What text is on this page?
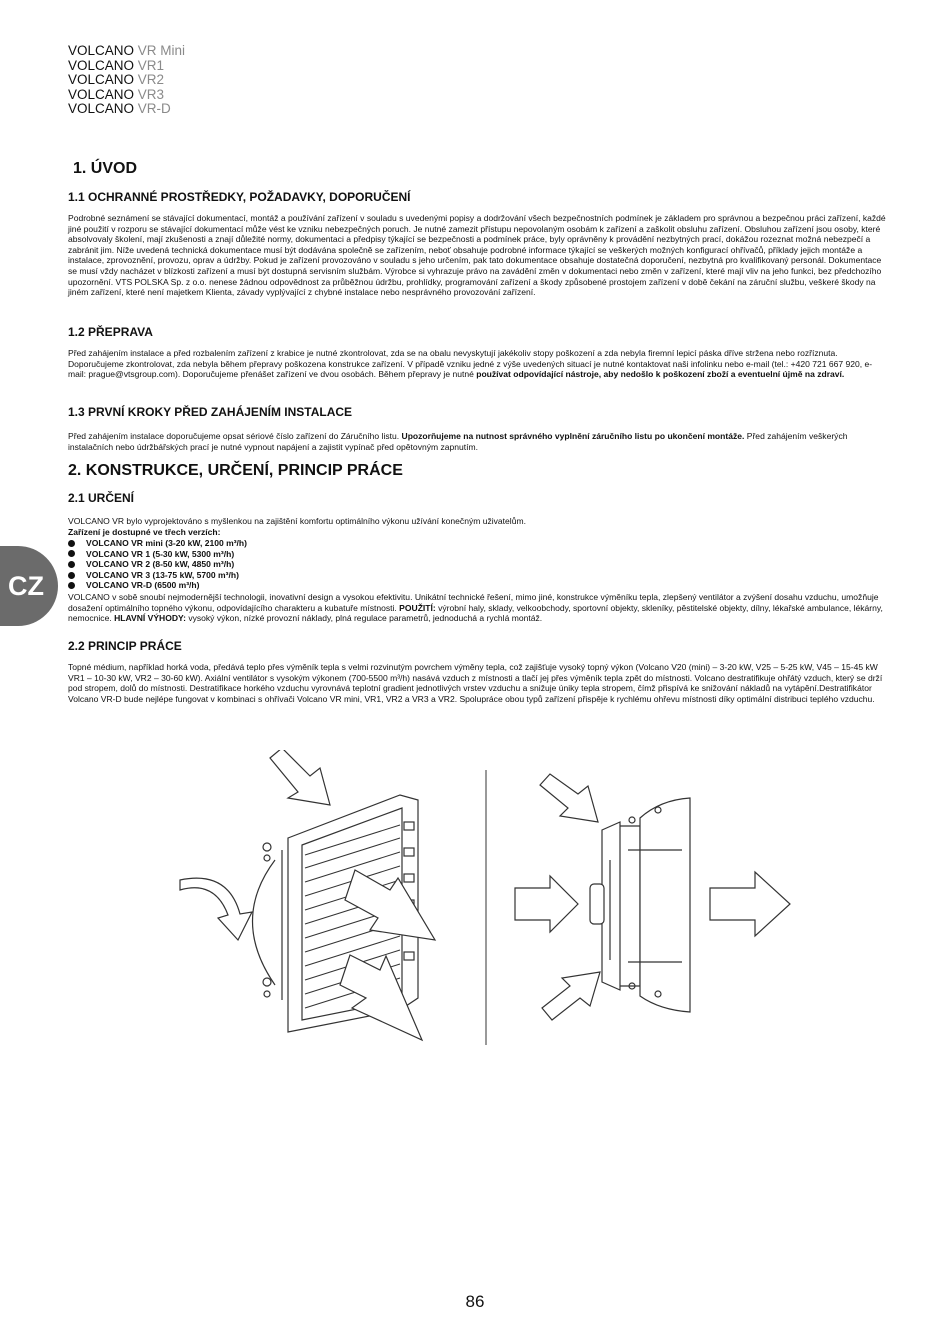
VOLCANO VR Mini
VOLCANO VR1
VOLCANO VR2
VOLCANO VR3
VOLCANO VR-D
1. ÚVOD
1.1 OCHRANNÉ PROSTŘEDKY, POŽADAVKY, DOPORUČENÍ
Podrobné seznámení se stávající dokumentací, montáž a používání zařízení v souladu s uvedenými popisy a dodržování všech bezpečnostních podmínek je základem pro správnou a bezpečnou práci zařízení, každé jiné použití v rozporu se stávající dokumentací může vést ke vzniku nebezpečných poruch. Je nutné zamezit přístupu nepovolaným osobám k zařízení a zaškolit obsluhu zařízení. Obsluhou zařízení jsou osoby, které absolvovaly školení, mají zkušenosti a znají důležité normy, dokumentaci a předpisy týkající se bezpečnosti a podmínek práce, byly oprávněny k provádění nezbytných prací, dokážou rozeznat možná nebezpečí a zabránit jim. Níže uvedená technická dokumentace musí být dodávána společně se zařízením, neboť obsahuje podrobné informace týkající se veškerých možných konfigurací ohřívačů, příklady jejich montáže a instalace, zprovoznění, provozu, oprav a údržby. Pokud je zařízení provozováno v souladu s jeho určením, pak tato dokumentace obsahuje dostatečná doporučení, nezbytná pro kvalifikovaný personál. Dokumentace se musí vždy nacházet v blízkosti zařízení a musí být dostupná servisním službám. Výrobce si vyhrazuje právo na zavádění změn v dokumentaci nebo změn v zařízení, které mají vliv na jeho funkci, bez předchozího upozornění. VTS POLSKA Sp. z o.o. nenese žádnou odpovědnost za průběžnou údržbu, prohlídky, programování zařízení a škody způsobené prostojem zařízení v době čekání na záruční službu, veškeré škody na jiném zařízení, které není majetkem Klienta, závady vyplývající z chybné instalace nebo nesprávného provozování zařízení.
1.2 PŘEPRAVA
Před zahájením instalace a před rozbalením zařízení z krabice je nutné zkontrolovat, zda se na obalu nevyskytují jakékoliv stopy poškození a zda nebyla firemní lepicí páska dříve stržena nebo rozříznuta. Doporučujeme zkontrolovat, zda nebyla během přepravy poškozena konstrukce zařízení. V případě vzniku jedné z výše uvedených situací je nutné kontaktovat naši infolinku nebo e-mail (tel.: +420 721 667 920, e-mail: prague@vtsgroup.com). Doporučujeme přenášet zařízení ve dvou osobách. Během přepravy je nutné používat odpovídající nástroje, aby nedošlo k poškození zboží a eventuelní újmě na zdraví.
1.3 PRVNÍ KROKY PŘED ZAHÁJENÍM INSTALACE
Před zahájením instalace doporučujeme opsat sériové číslo zařízení do Záručního listu. Upozorňujeme na nutnost správného vyplnění záručního listu po ukončení montáže. Před zahájením veškerých instalačních nebo údržbářských prací je nutné vypnout napájení a zajistit vypínač před opětovným zapnutím.
2. KONSTRUKCE, URČENÍ, PRINCIP PRÁCE
2.1 URČENÍ
VOLCANO VR bylo vyprojektováno s myšlenkou na zajištění komfortu optimálního výkonu užívání konečným uživatelům.
Zařízení je dostupné ve třech verzích:
VOLCANO VR mini (3-20 kW, 2100 m³/h)
VOLCANO VR 1 (5-30 kW, 5300 m³/h)
VOLCANO VR 2 (8-50 kW, 4850 m³/h)
VOLCANO VR 3 (13-75 kW, 5700 m³/h)
VOLCANO VR-D (6500 m³/h)
VOLCANO v sobě snoubí nejmodernější technologii, inovativní design a vysokou efektivitu. Unikátní technické řešení, mimo jiné, konstrukce výměníku tepla, zlepšený ventilátor a zvýšení dosahu vzduchu, umožňuje dosažení optimálního topného výkonu, odpovídajícího charakteru a kubatuře místnosti. POUŽITÍ: výrobní haly, sklady, velkoobchody, sportovní objekty, skleníky, pěstitelské objekty, dílny, lékařské ambulance, lékárny, nemocnice. HLAVNÍ VÝHODY: vysoký výkon, nízké provozní náklady, plná regulace parametrů, jednoduchá a rychlá montáž.
2.2 PRINCIP PRÁCE
Topné médium, například horká voda, předává teplo přes výměník tepla s velmi rozvinutým povrchem výměny tepla, což zajišťuje vysoký topný výkon (Volcano V20 (mini) – 3-20 kW, V25 – 5-25 kW, V45 – 15-45 kW VR1 – 10-30 kW, VR2 – 30-60 kW). Axiální ventilátor s vysokým výkonem (700-5500 m³/h) nasává vzduch z místnosti a tlačí jej přes výměník tepla zpět do místnosti. Volcano destratifikuje ohřátý vzduch, který se drží pod stropem, dolů do místnosti. Destratifikace horkého vzduchu vyrovnává teplotní gradient jednotlivých vrstev vzduchu a snižuje úniky tepla stropem, čímž přispívá ke snižování nákladů na vytápění.Destratifikátor Volcano VR-D bude nejlépe fungovat v kombinaci s ohřívači Volcano VR mini, VR1, VR2 a VR3 a VR2. Spolupráce obou typů zařízení přispěje k rychlému ohřevu místnosti díky optimální distribuci teplého vzduchu.
CZ
86
